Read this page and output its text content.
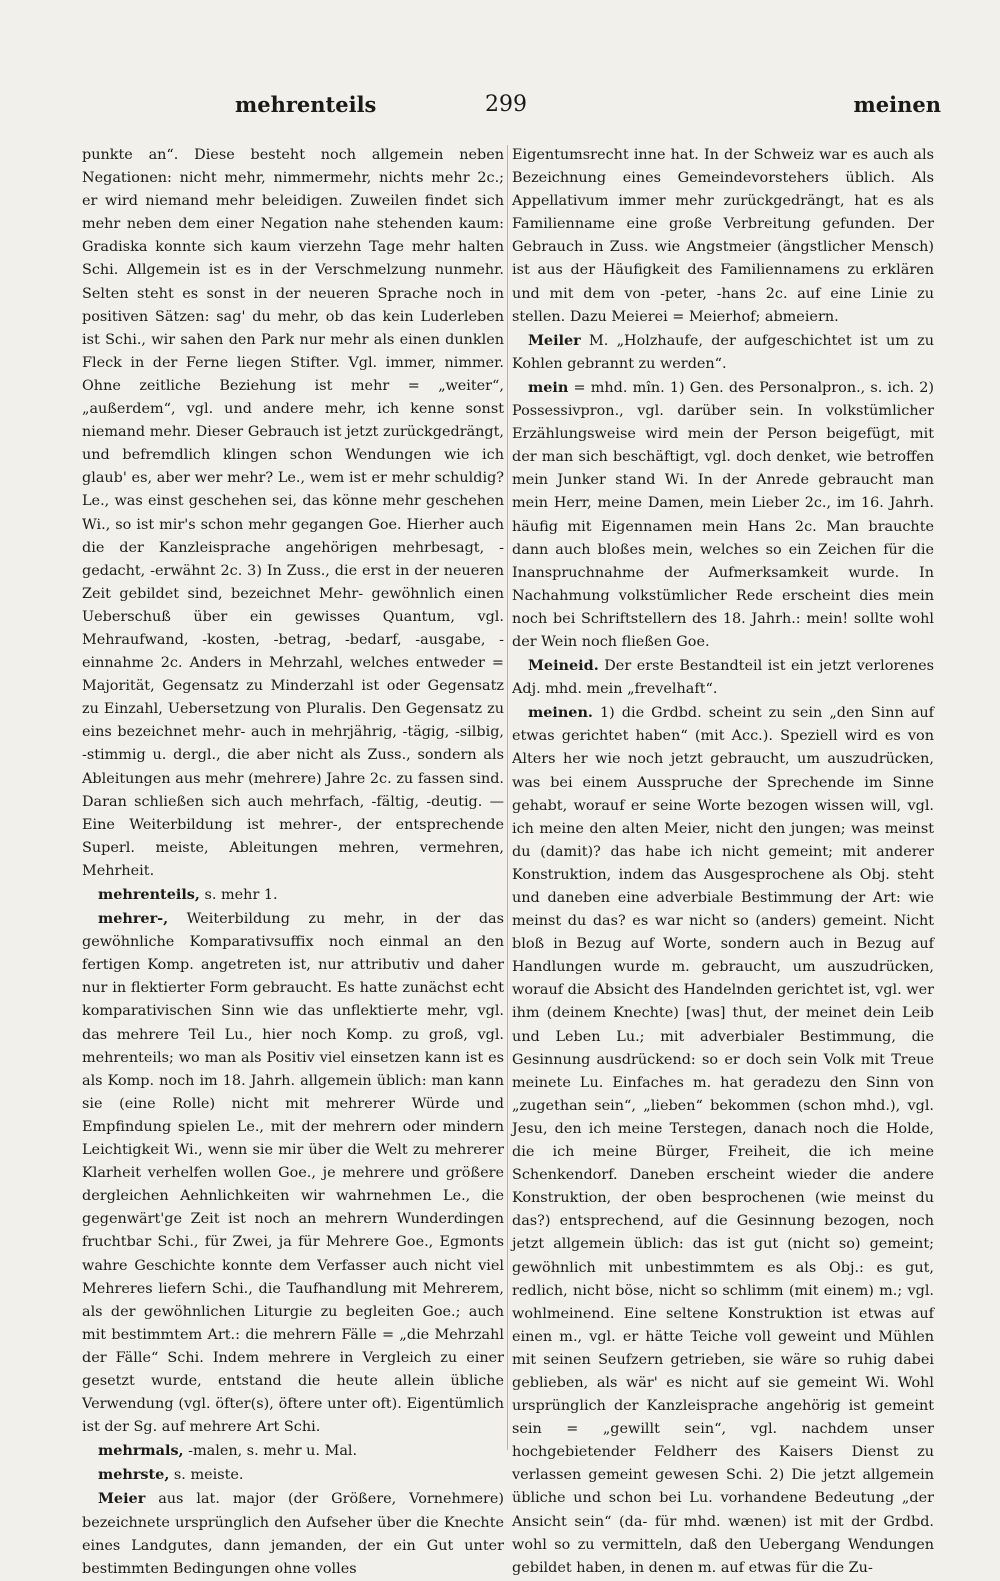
mehrenteils	299	meinen

punkte an“. Diese besteht noch allgemein neben Negationen: nicht mehr, nimmermehr, nichts mehr 2c.; er wird niemand mehr beleidigen. Zuweilen findet sich mehr neben dem einer Negation nahe stehenden kaum: Gradiska konnte sich kaum vierzehn Tage mehr halten Schi. Allgemein ist es in der Verschmelzung nunmehr. Selten steht es sonst in der neueren Sprache noch in positiven Sätzen: sag' du mehr, ob das kein Luderleben ist Schi., wir sahen den Park nur mehr als einen dunklen Fleck in der Ferne liegen Stifter. Vgl. immer, nimmer. Ohne zeitliche Beziehung ist mehr = „weiter“, „außerdem“, vgl. und andere mehr, ich kenne sonst niemand mehr. Dieser Gebrauch ist jetzt zurückgedrängt, und befremdlich klingen schon Wendungen wie ich glaub' es, aber wer mehr? Le., wem ist er mehr schuldig? Le., was einst geschehen sei, das könne mehr geschehen Wi., so ist mir's schon mehr gegangen Goe. Hierher auch die der Kanzleisprache angehörigen mehrbesagt, -gedacht, -erwähnt 2c. 3) In Zuss., die erst in der neueren Zeit gebildet sind, bezeichnet Mehr- gewöhnlich einen Ueberschuß über ein gewisses Quantum, vgl. Mehraufwand, -kosten, -betrag, -bedarf, -ausgabe, -einnahme 2c. Anders in Mehrzahl, welches entweder = Majorität, Gegensatz zu Minderzahl ist oder Gegensatz zu Einzahl, Uebersetzung von Pluralis. Den Gegensatz zu eins bezeichnet mehr- auch in mehrjährig, -tägig, -silbig, -stimmig u. dergl., die aber nicht als Zuss., sondern als Ableitungen aus mehr (mehrere) Jahre 2c. zu fassen sind. Daran schließen sich auch mehrfach, -fältig, -deutig. — Eine Weiterbildung ist mehrer-, der entsprechende Superl. meiste, Ableitungen mehren, vermehren, Mehrheit.

mehrenteils, s. mehr 1.

mehrer-, Weiterbildung zu mehr, in der das gewöhnliche Komparativsuffix noch einmal an den fertigen Komp. angetreten ist, nur attributiv und daher nur in flektierter Form gebraucht. Es hatte zunächst echt komparativischen Sinn wie das unflektierte mehr, vgl. das mehrere Teil Lu., hier noch Komp. zu groß, vgl. mehrenteils; wo man als Positiv viel einsetzen kann ist es als Komp. noch im 18. Jahrh. allgemein üblich: man kann sie (eine Rolle) nicht mit mehrerer Würde und Empfindung spielen Le., mit der mehrern oder mindern Leichtigkeit Wi., wenn sie mir über die Welt zu mehrerer Klarheit verhelfen wollen Goe., je mehrere und größere dergleichen Aehnlichkeiten wir wahrnehmen Le., die gegenwärt'ge Zeit ist noch an mehrern Wunderdingen fruchtbar Schi., für Zwei, ja für Mehrere Goe., Egmonts wahre Geschichte konnte dem Verfasser auch nicht viel Mehreres liefern Schi., die Taufhandlung mit Mehrerem, als der gewöhnlichen Liturgie zu begleiten Goe.; auch mit bestimmtem Art.: die mehrern Fälle = „die Mehrzahl der Fälle“ Schi. Indem mehrere in Vergleich zu einer gesetzt wurde, entstand die heute allein übliche Verwendung (vgl. öfter(s), öftere unter oft). Eigentümlich ist der Sg. auf mehrere Art Schi.

mehrmals, -malen, s. mehr u. Mal.

mehrste, s. meiste.

Meier aus lat. major (der Größere, Vornehmere) bezeichnete ursprünglich den Aufseher über die Knechte eines Landgutes, dann jemanden, der ein Gut unter bestimmten Bedingungen ohne volles

Eigentumsrecht inne hat. In der Schweiz war es auch als Bezeichnung eines Gemeindevorstehers üblich. Als Appellativum immer mehr zurückgedrängt, hat es als Familienname eine große Verbreitung gefunden. Der Gebrauch in Zuss. wie Angstmeier (ängstlicher Mensch) ist aus der Häufigkeit des Familiennamens zu erklären und mit dem von -peter, -hans 2c. auf eine Linie zu stellen. Dazu Meierei = Meierhof; abmeiern.

Meiler M. „Holzhaufe, der aufgeschichtet ist um zu Kohlen gebrannt zu werden“.

mein = mhd. mîn. 1) Gen. des Personalpron., s. ich. 2) Possessivpron., vgl. darüber sein. In volkstümlicher Erzählungsweise wird mein der Person beigefügt, mit der man sich beschäftigt, vgl. doch denket, wie betroffen mein Junker stand Wi. In der Anrede gebraucht man mein Herr, meine Damen, mein Lieber 2c., im 16. Jahrh. häufig mit Eigennamen mein Hans 2c. Man brauchte dann auch bloßes mein, welches so ein Zeichen für die Inanspruchnahme der Aufmerksamkeit wurde. In Nachahmung volkstümlicher Rede erscheint dies mein noch bei Schriftstellern des 18. Jahrh.: mein! sollte wohl der Wein noch fließen Goe.

Meineid. Der erste Bestandteil ist ein jetzt verlorenes Adj. mhd. mein „frevelhaft“.

meinen. 1) die Grdbd. scheint zu sein „den Sinn auf etwas gerichtet haben“ (mit Acc.). Speziell wird es von Alters her wie noch jetzt gebraucht, um auszudrücken, was bei einem Ausspruche der Sprechende im Sinne gehabt, worauf er seine Worte bezogen wissen will, vgl. ich meine den alten Meier, nicht den jungen; was meinst du (damit)? das habe ich nicht gemeint; mit anderer Konstruktion, indem das Ausgesprochene als Obj. steht und daneben eine adverbiale Bestimmung der Art: wie meinst du das? es war nicht so (anders) gemeint. Nicht bloß in Bezug auf Worte, sondern auch in Bezug auf Handlungen wurde m. gebraucht, um auszudrücken, worauf die Absicht des Handelnden gerichtet ist, vgl. wer ihm (deinem Knechte) [was] thut, der meinet dein Leib und Leben Lu.; mit adverbialer Bestimmung, die Gesinnung ausdrückend: so er doch sein Volk mit Treue meinete Lu. Einfaches m. hat geradezu den Sinn von „zugethan sein“, „lieben“ bekommen (schon mhd.), vgl. Jesu, den ich meine Terstegen, danach noch die Holde, die ich meine Bürger, Freiheit, die ich meine Schenkendorf. Daneben erscheint wieder die andere Konstruktion, der oben besprochenen (wie meinst du das?) entsprechend, auf die Gesinnung bezogen, noch jetzt allgemein üblich: das ist gut (nicht so) gemeint; gewöhnlich mit unbestimmtem es als Obj.: es gut, redlich, nicht böse, nicht so schlimm (mit einem) m.; vgl. wohlmeinend. Eine seltene Konstruktion ist etwas auf einen m., vgl. er hätte Teiche voll geweint und Mühlen mit seinen Seufzern getrieben, sie wäre so ruhig dabei geblieben, als wär' es nicht auf sie gemeint Wi. Wohl ursprünglich der Kanzleisprache angehörig ist gemeint sein = „gewillt sein“, vgl. nachdem unser hochgebietender Feldherr des Kaisers Dienst zu verlassen gemeint gewesen Schi. 2) Die jetzt allgemein übliche und schon bei Lu. vorhandene Bedeutung „der Ansicht sein“ (da- für mhd. wænen) ist mit der Grdbd. wohl so zu vermitteln, daß den Uebergang Wendungen gebildet haben, in denen m. auf etwas für die Zu-
